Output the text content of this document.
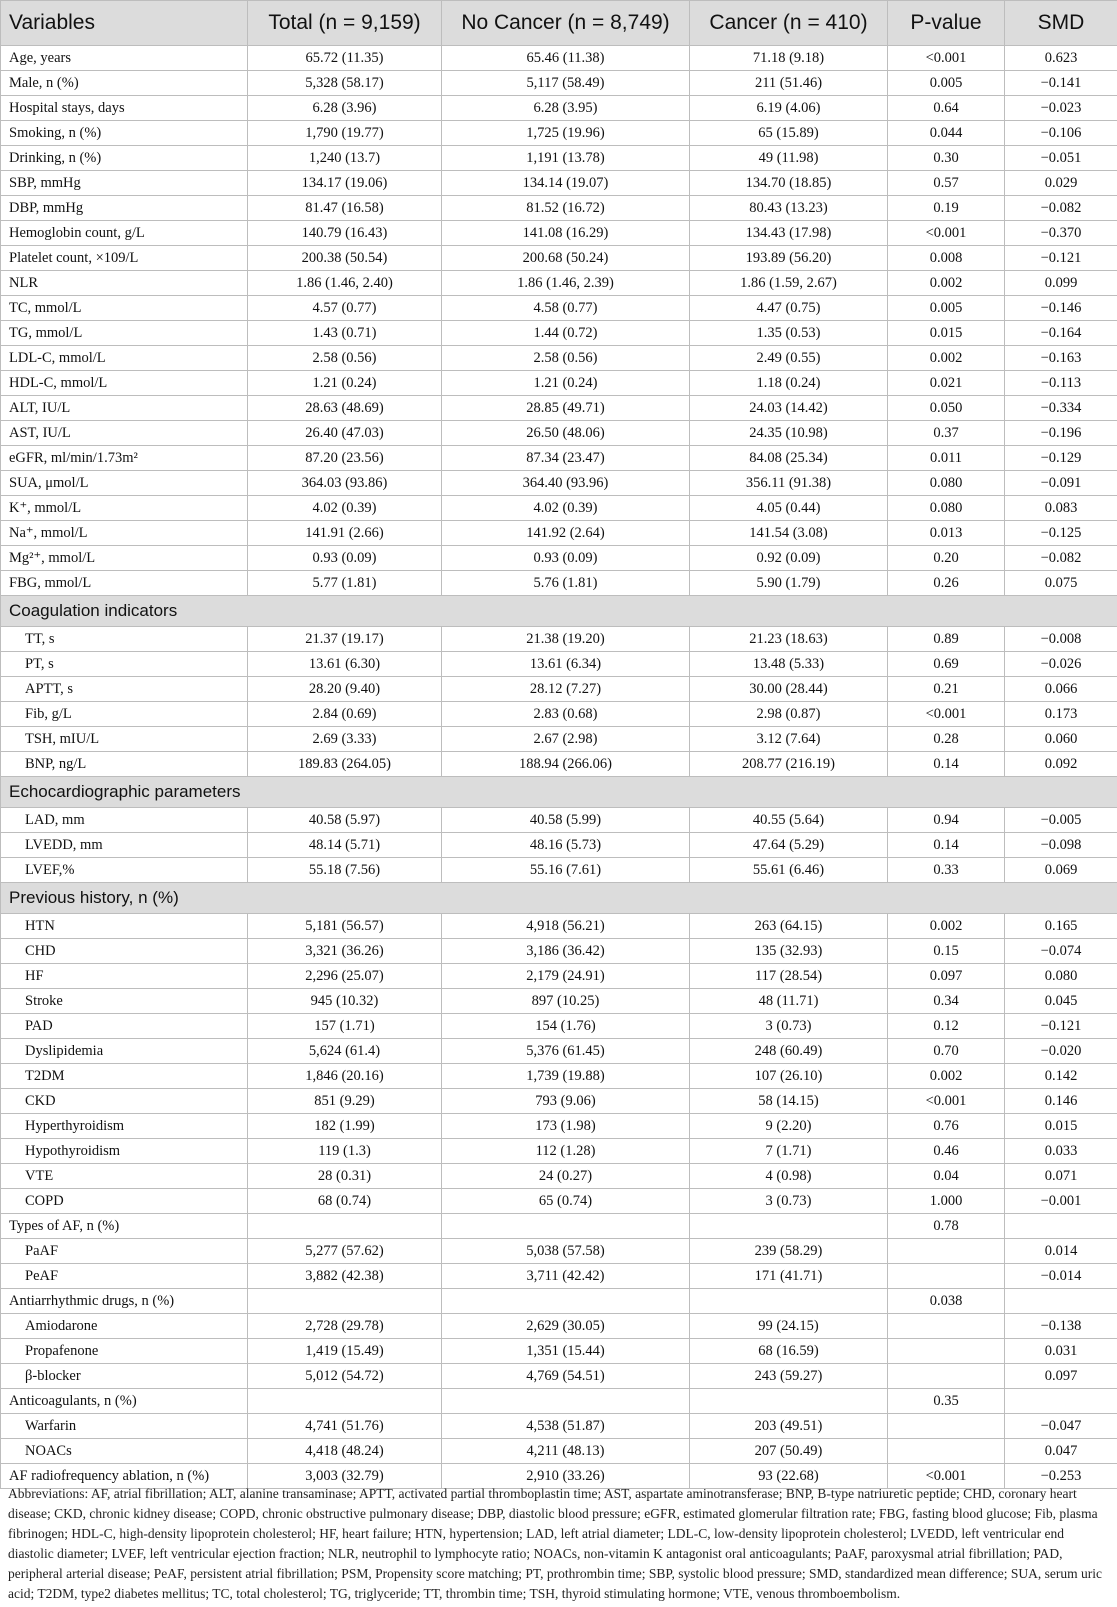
Variables	Total (n = 9,159)	No Cancer (n = 8,749)	Cancer (n = 410)	P-value	SMD
Age, years	65.72 (11.35)	65.46 (11.38)	71.18 (9.18)	<0.001	0.623
Male, n (%)	5,328 (58.17)	5,117 (58.49)	211 (51.46)	0.005	−0.141
Hospital stays, days	6.28 (3.96)	6.28 (3.95)	6.19 (4.06)	0.64	−0.023
Smoking, n (%)	1,790 (19.77)	1,725 (19.96)	65 (15.89)	0.044	−0.106
Drinking, n (%)	1,240 (13.7)	1,191 (13.78)	49 (11.98)	0.30	−0.051
SBP, mmHg	134.17 (19.06)	134.14 (19.07)	134.70 (18.85)	0.57	0.029
DBP, mmHg	81.47 (16.58)	81.52 (16.72)	80.43 (13.23)	0.19	−0.082
Hemoglobin count, g/L	140.79 (16.43)	141.08 (16.29)	134.43 (17.98)	<0.001	−0.370
Platelet count, ×109/L	200.38 (50.54)	200.68 (50.24)	193.89 (56.20)	0.008	−0.121
NLR	1.86 (1.46, 2.40)	1.86 (1.46, 2.39)	1.86 (1.59, 2.67)	0.002	0.099
TC, mmol/L	4.57 (0.77)	4.58 (0.77)	4.47 (0.75)	0.005	−0.146
TG, mmol/L	1.43 (0.71)	1.44 (0.72)	1.35 (0.53)	0.015	−0.164
LDL-C, mmol/L	2.58 (0.56)	2.58 (0.56)	2.49 (0.55)	0.002	−0.163
HDL-C, mmol/L	1.21 (0.24)	1.21 (0.24)	1.18 (0.24)	0.021	−0.113
ALT, IU/L	28.63 (48.69)	28.85 (49.71)	24.03 (14.42)	0.050	−0.334
AST, IU/L	26.40 (47.03)	26.50 (48.06)	24.35 (10.98)	0.37	−0.196
eGFR, ml/min/1.73m²	87.20 (23.56)	87.34 (23.47)	84.08 (25.34)	0.011	−0.129
SUA, μmol/L	364.03 (93.86)	364.40 (93.96)	356.11 (91.38)	0.080	−0.091
K⁺, mmol/L	4.02 (0.39)	4.02 (0.39)	4.05 (0.44)	0.080	0.083
Na⁺, mmol/L	141.91 (2.66)	141.92 (2.64)	141.54 (3.08)	0.013	−0.125
Mg²⁺, mmol/L	0.93 (0.09)	0.93 (0.09)	0.92 (0.09)	0.20	−0.082
FBG, mmol/L	5.77 (1.81)	5.76 (1.81)	5.90 (1.79)	0.26	0.075
Coagulation indicators					
TT, s	21.37 (19.17)	21.38 (19.20)	21.23 (18.63)	0.89	−0.008
PT, s	13.61 (6.30)	13.61 (6.34)	13.48 (5.33)	0.69	−0.026
APTT, s	28.20 (9.40)	28.12 (7.27)	30.00 (28.44)	0.21	0.066
Fib, g/L	2.84 (0.69)	2.83 (0.68)	2.98 (0.87)	<0.001	0.173
TSH, mIU/L	2.69 (3.33)	2.67 (2.98)	3.12 (7.64)	0.28	0.060
BNP, ng/L	189.83 (264.05)	188.94 (266.06)	208.77 (216.19)	0.14	0.092
Echocardiographic parameters					
LAD, mm	40.58 (5.97)	40.58 (5.99)	40.55 (5.64)	0.94	−0.005
LVEDD, mm	48.14 (5.71)	48.16 (5.73)	47.64 (5.29)	0.14	−0.098
LVEF,%	55.18 (7.56)	55.16 (7.61)	55.61 (6.46)	0.33	0.069
Previous history, n (%)					
HTN	5,181 (56.57)	4,918 (56.21)	263 (64.15)	0.002	0.165
CHD	3,321 (36.26)	3,186 (36.42)	135 (32.93)	0.15	−0.074
HF	2,296 (25.07)	2,179 (24.91)	117 (28.54)	0.097	0.080
Stroke	945 (10.32)	897 (10.25)	48 (11.71)	0.34	0.045
PAD	157 (1.71)	154 (1.76)	3 (0.73)	0.12	−0.121
Dyslipidemia	5,624 (61.4)	5,376 (61.45)	248 (60.49)	0.70	−0.020
T2DM	1,846 (20.16)	1,739 (19.88)	107 (26.10)	0.002	0.142
CKD	851 (9.29)	793 (9.06)	58 (14.15)	<0.001	0.146
Hyperthyroidism	182 (1.99)	173 (1.98)	9 (2.20)	0.76	0.015
Hypothyroidism	119 (1.3)	112 (1.28)	7 (1.71)	0.46	0.033
VTE	28 (0.31)	24 (0.27)	4 (0.98)	0.04	0.071
COPD	68 (0.74)	65 (0.74)	3 (0.73)	1.000	−0.001
Types of AF, n (%)				0.78	
PaAF	5,277 (57.62)	5,038 (57.58)	239 (58.29)		0.014
PeAF	3,882 (42.38)	3,711 (42.42)	171 (41.71)		−0.014
Antiarrhythmic drugs, n (%)				0.038	
Amiodarone	2,728 (29.78)	2,629 (30.05)	99 (24.15)		−0.138
Propafenone	1,419 (15.49)	1,351 (15.44)	68 (16.59)		0.031
β-blocker	5,012 (54.72)	4,769 (54.51)	243 (59.27)		0.097
Anticoagulants, n (%)				0.35	
Warfarin	4,741 (51.76)	4,538 (51.87)	203 (49.51)		−0.047
NOACs	4,418 (48.24)	4,211 (48.13)	207 (50.49)		0.047
AF radiofrequency ablation, n (%)	3,003 (32.79)	2,910 (33.26)	93 (22.68)	<0.001	−0.253
Abbreviations: AF, atrial fibrillation; ALT, alanine transaminase; APTT, activated partial thromboplastin time; AST, aspartate aminotransferase; BNP, B-type natriuretic peptide; CHD, coronary heart disease; CKD, chronic kidney disease; COPD, chronic obstructive pulmonary disease; DBP, diastolic blood pressure; eGFR, estimated glomerular filtration rate; FBG, fasting blood glucose; Fib, plasma fibrinogen; HDL-C, high-density lipoprotein cholesterol; HF, heart failure; HTN, hypertension; LAD, left atrial diameter; LDL-C, low-density lipoprotein cholesterol; LVEDD, left ventricular end diastolic diameter; LVEF, left ventricular ejection fraction; NLR, neutrophil to lymphocyte ratio; NOACs, non-vitamin K antagonist oral anticoagulants; PaAF, paroxysmal atrial fibrillation; PAD, peripheral arterial disease; PeAF, persistent atrial fibrillation; PSM, Propensity score matching; PT, prothrombin time; SBP, systolic blood pressure; SMD, standardized mean difference; SUA, serum uric acid; T2DM, type2 diabetes mellitus; TC, total cholesterol; TG, triglyceride; TT, thrombin time; TSH, thyroid stimulating hormone; VTE, venous thromboembolism.
